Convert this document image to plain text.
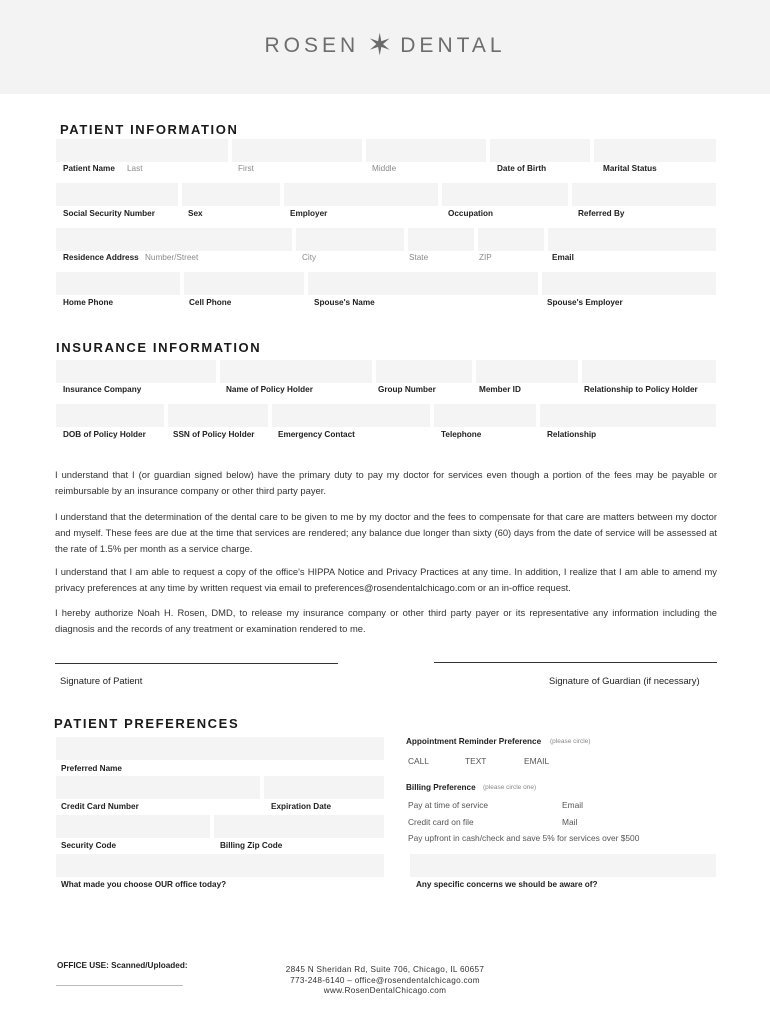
ROSEN ✶ DENTAL
PATIENT INFORMATION
Patient Name Last	First	Middle	Date of Birth	Marital Status
Social Security Number	Sex	Employer	Occupation	Referred By
Residence Address Number/Street	City	State	ZIP	Email
Home Phone	Cell Phone	Spouse's Name	Spouse's Employer
INSURANCE INFORMATION
Insurance Company	Name of Policy Holder	Group Number	Member ID	Relationship to Policy Holder
DOB of Policy Holder	SSN of Policy Holder	Emergency Contact	Telephone	Relationship
I understand that I (or guardian signed below) have the primary duty to pay my doctor for services even though a portion of the fees may be payable or reimbursable by an insurance company or other third party payer.
I understand that the determination of the dental care to be given to me by my doctor and the fees to compensate for that care are matters between my doctor and myself. These fees are due at the time that services are rendered; any balance due longer than sixty (60) days from the date of service will be assessed at the rate of 1.5% per month as a service charge.
I understand that I am able to request a copy of the office's HIPPA Notice and Privacy Practices at any time. In addition, I realize that I am able to amend my privacy preferences at any time by written request via email to preferences@rosendentalchicago.com or an in-office request.
I hereby authorize Noah H. Rosen, DMD, to release my insurance company or other third party payer or its representative any information including the diagnosis and the records of any treatment or examination rendered to me.
Signature of Patient	Signature of Guardian (if necessary)
PATIENT PREFERENCES
Preferred Name
Credit Card Number	Expiration Date
Security Code	Billing Zip Code
What made you choose OUR office today?
Appointment Reminder Preference (please circle)
CALL	TEXT	EMAIL
Billing Preference (please circle one)
Pay at time of service	Email
Credit card on file	Mail
Pay upfront in cash/check and save 5% for services over $500
Any specific concerns we should be aware of?
OFFICE USE: Scanned/Uploaded:	2845 N Sheridan Rd, Suite 706, Chicago, IL 60657
773-248-6140 – office@rosendentalchicago.com
www.RosenDentalChicago.com
